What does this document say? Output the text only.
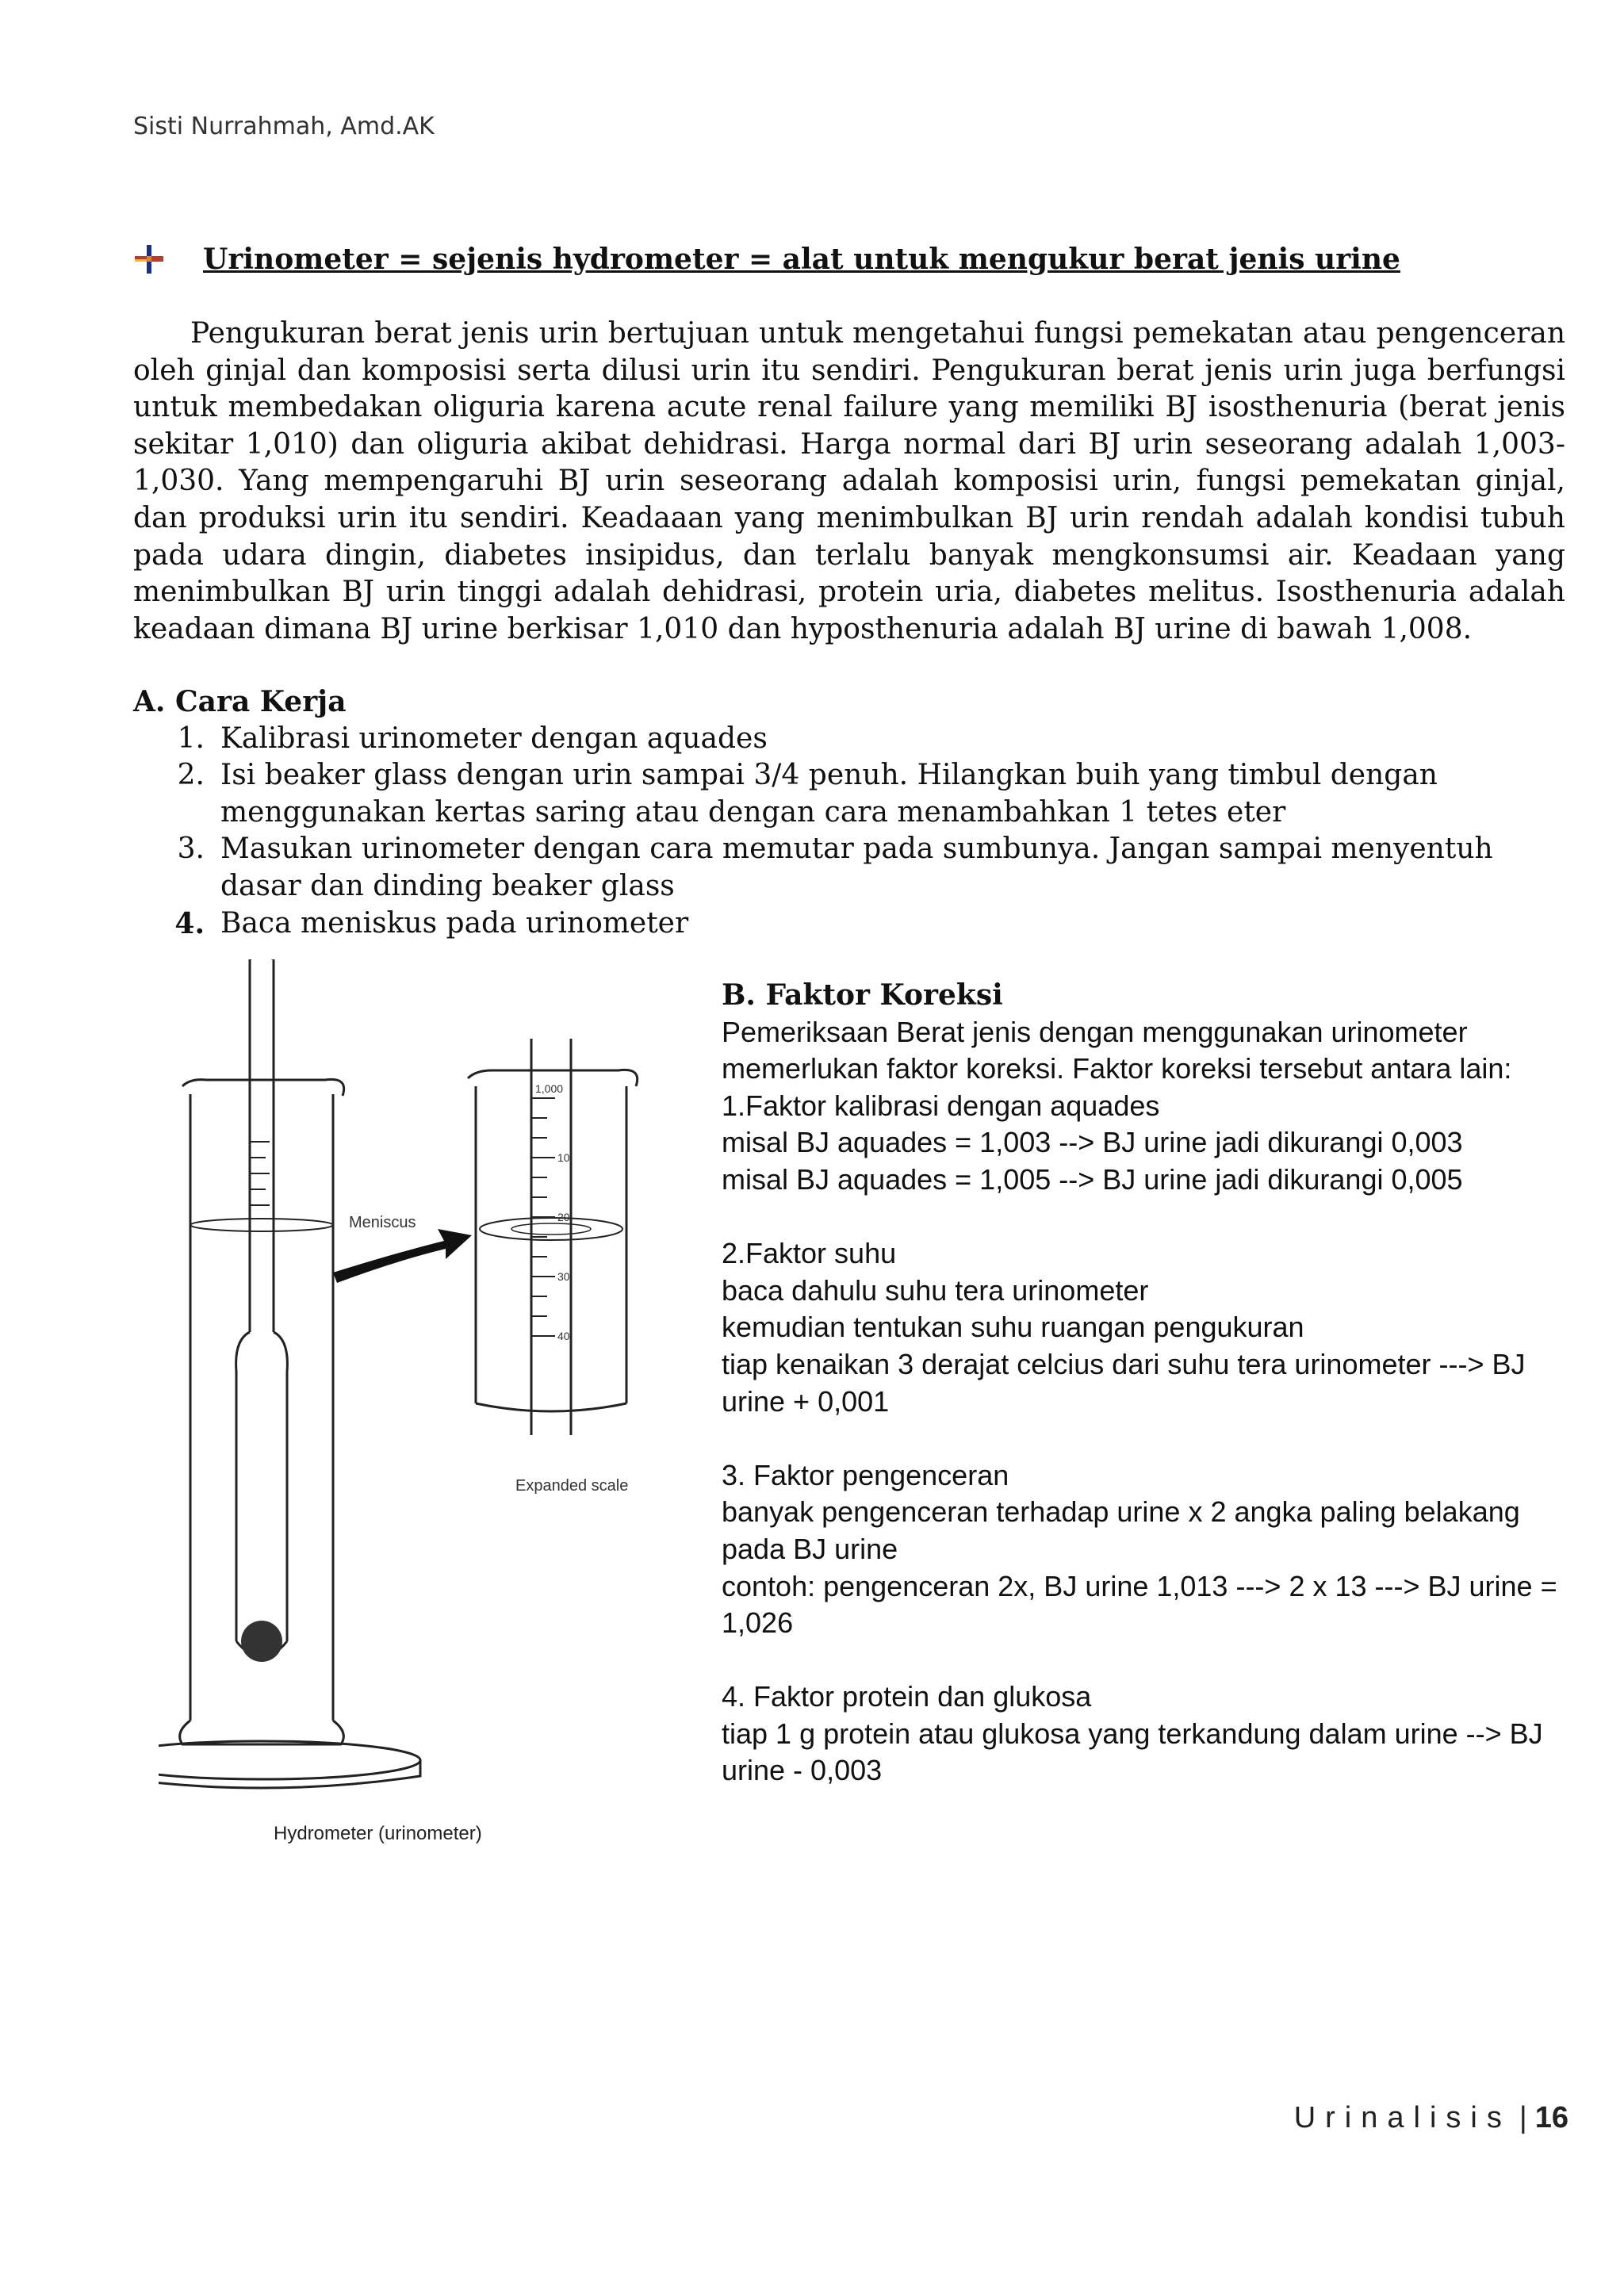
Sisti Nurrahmah, Amd.AK
Urinometer = sejenis hydrometer = alat untuk mengukur berat jenis urine
Pengukuran berat jenis urin bertujuan untuk mengetahui fungsi pemekatan atau pengenceran oleh ginjal dan komposisi serta dilusi urin itu sendiri. Pengukuran berat jenis urin juga berfungsi untuk membedakan oliguria karena acute renal failure yang memiliki BJ isosthenuria (berat jenis sekitar 1,010) dan oliguria akibat dehidrasi. Harga normal dari BJ urin seseorang adalah 1,003-1,030. Yang mempengaruhi BJ urin seseorang adalah komposisi urin, fungsi pemekatan ginjal, dan produksi urin itu sendiri. Keadaaan yang menimbulkan BJ urin rendah adalah kondisi tubuh pada udara dingin, diabetes insipidus, dan terlalu banyak mengkonsumsi air. Keadaan yang menimbulkan BJ urin tinggi adalah dehidrasi, protein uria, diabetes melitus. Isosthenuria adalah keadaan dimana BJ urine berkisar 1,010 dan hyposthenuria adalah BJ urine di bawah 1,008.
A. Cara Kerja
1. Kalibrasi urinometer dengan aquades
2. Isi beaker glass dengan urin sampai 3/4 penuh. Hilangkan buih yang timbul dengan menggunakan kertas saring atau dengan cara menambahkan 1 tetes eter
3. Masukan urinometer dengan cara memutar pada sumbunya. Jangan sampai menyentuh dasar dan dinding beaker glass
4. Baca meniskus pada urinometer
Meniscus
1,000
10
20
30
40
Expanded scale
Hydrometer (urinometer)
B. Faktor Koreksi
Pemeriksaan Berat jenis dengan menggunakan urinometer memerlukan faktor koreksi. Faktor koreksi tersebut antara lain:
1.Faktor kalibrasi dengan aquades
misal BJ aquades = 1,003 --> BJ urine jadi dikurangi 0,003
misal BJ aquades = 1,005 --> BJ urine jadi dikurangi 0,005
2.Faktor suhu
baca dahulu suhu tera urinometer
kemudian tentukan suhu ruangan pengukuran
tiap kenaikan 3 derajat celcius dari suhu tera urinometer ---> BJ urine + 0,001
3. Faktor pengenceran
banyak pengenceran terhadap urine x 2 angka paling belakang pada BJ urine
contoh: pengenceran 2x, BJ urine 1,013 ---> 2 x 13 ---> BJ urine = 1,026
4. Faktor protein dan glukosa
tiap 1 g protein atau glukosa yang terkandung dalam urine --> BJ urine - 0,003
Urinalisis | 16
